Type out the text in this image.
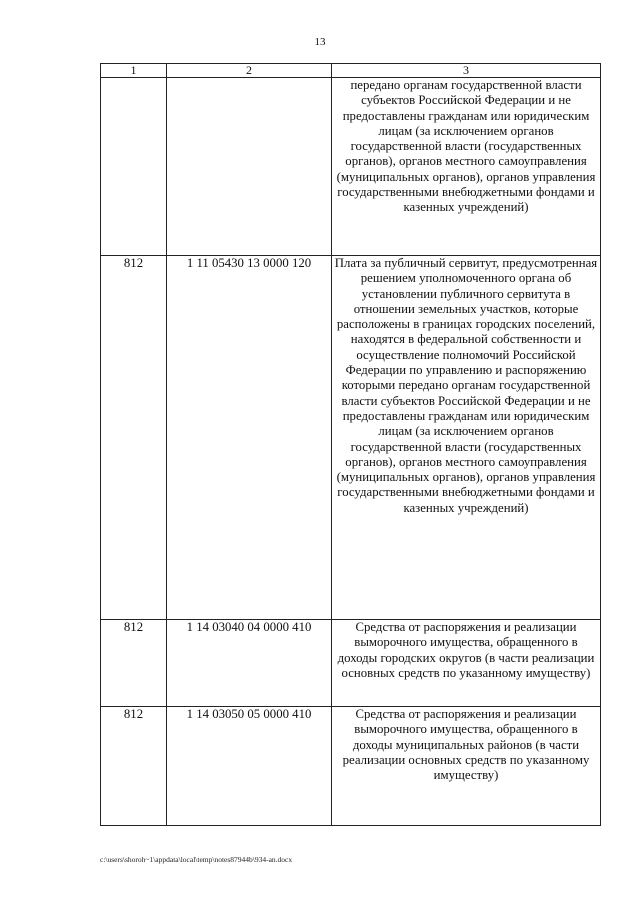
13
1	2	3
		передано органам государственной власти субъектов Российской Федерации и не предоставлены гражданам или юридическим лицам (за исключением органов государственной власти (государственных органов), органов местного самоуправления (муниципальных органов), органов управления государственными внебюджетными фондами и казенных учреждений)
812	1 11 05430 13 0000 120	Плата за публичный сервитут, предусмотренная решением уполномоченного органа об установлении публичного сервитута в отношении земельных участков, которые расположены в границах городских поселений, находятся в федеральной собственности и осуществление полномочий Российской Федерации по управлению и распоряжению которыми передано органам государственной власти субъектов Российской Федерации и не предоставлены гражданам или юридическим лицам (за исключением органов государственной власти (государственных органов), органов местного самоуправления (муниципальных органов), органов управления государственными внебюджетными фондами и казенных учреждений)
812	1 14 03040 04 0000 410	Средства от распоряжения и реализации выморочного имущества, обращенного в доходы городских округов (в части реализации основных средств по указанному имуществу)
812	1 14 03050 05 0000 410	Средства от распоряжения и реализации выморочного имущества, обращенного в доходы муниципальных районов (в части реализации основных средств по указанному имуществу)
c:\users\shoroh~1\appdata\local\temp\notes87944b\934-an.docx
